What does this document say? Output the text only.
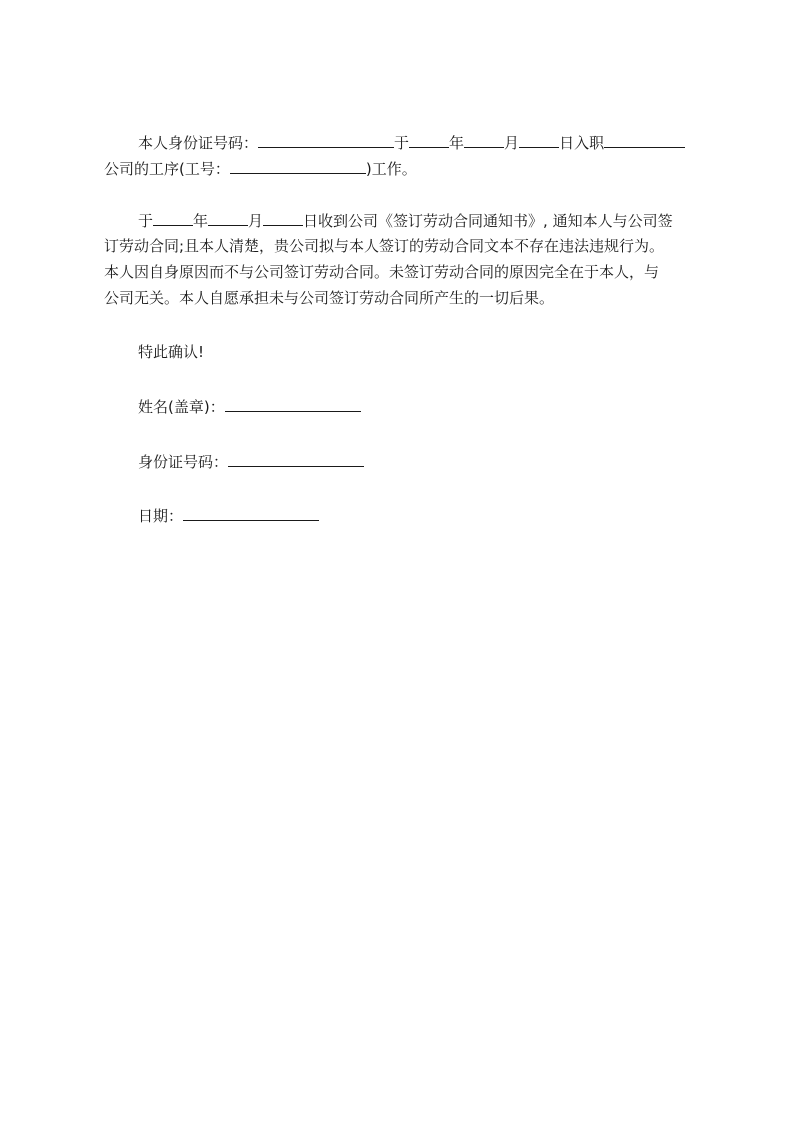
本人身份证号码：	于	年	月	日入职
公司的工序(工号：	)工作。
于	年	月	日收到公司《签订劳动合同通知书》, 通知本人与公司签
订劳动合同;且本人清楚，贵公司拟与本人签订的劳动合同文本不存在违法违规行为。
本人因自身原因而不与公司签订劳动合同。未签订劳动合同的原因完全在于本人，与
公司无关。本人自愿承担未与公司签订劳动合同所产生的一切后果。
特此确认!
姓名(盖章)：
身份证号码：
日期：
